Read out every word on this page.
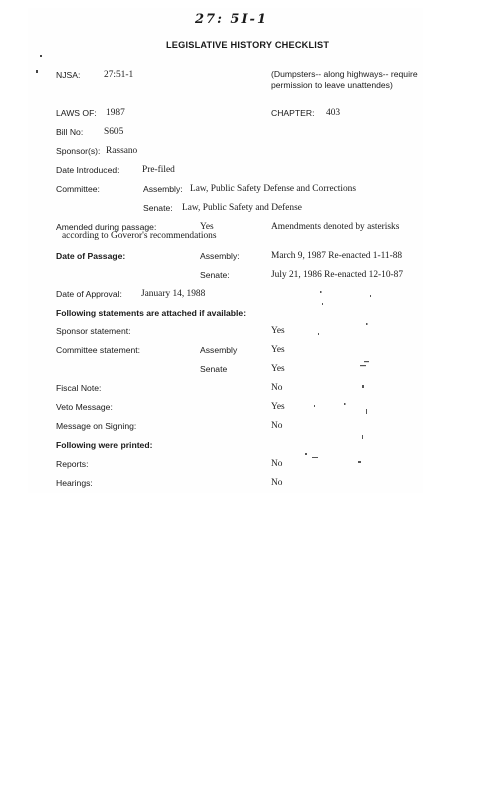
27: 5I-1
LEGISLATIVE HISTORY CHECKLIST
NJSA:	27:51-1	(Dumpsters-- along highways-- require permission to leave unattendes)
LAWS OF: 1987	CHAPTER: 403
Bill No: S605
Sponsor(s): Rassano
Date Introduced: Pre-filed
Committee:	Assembly: Law, Public Safety Defense and Corrections
Senate: Law, Public Safety and Defense
Amended during passage:	Yes	Amendments denoted by asterisks
according to Goveror's recommendations
Date of Passage:	Assembly:	March 9, 1987 Re-enacted 1-11-88
Senate:	July 21, 1986 Re-enacted 12-10-87
Date of Approval: January 14, 1988
Following statements are attached if available:
Sponsor statement:	Yes
Committee statement:	Assembly	Yes
Senate	Yes
Fiscal Note:	No
Veto Message:	Yes
Message on Signing:	No
Following were printed:
Reports:	No
Hearings:	No
